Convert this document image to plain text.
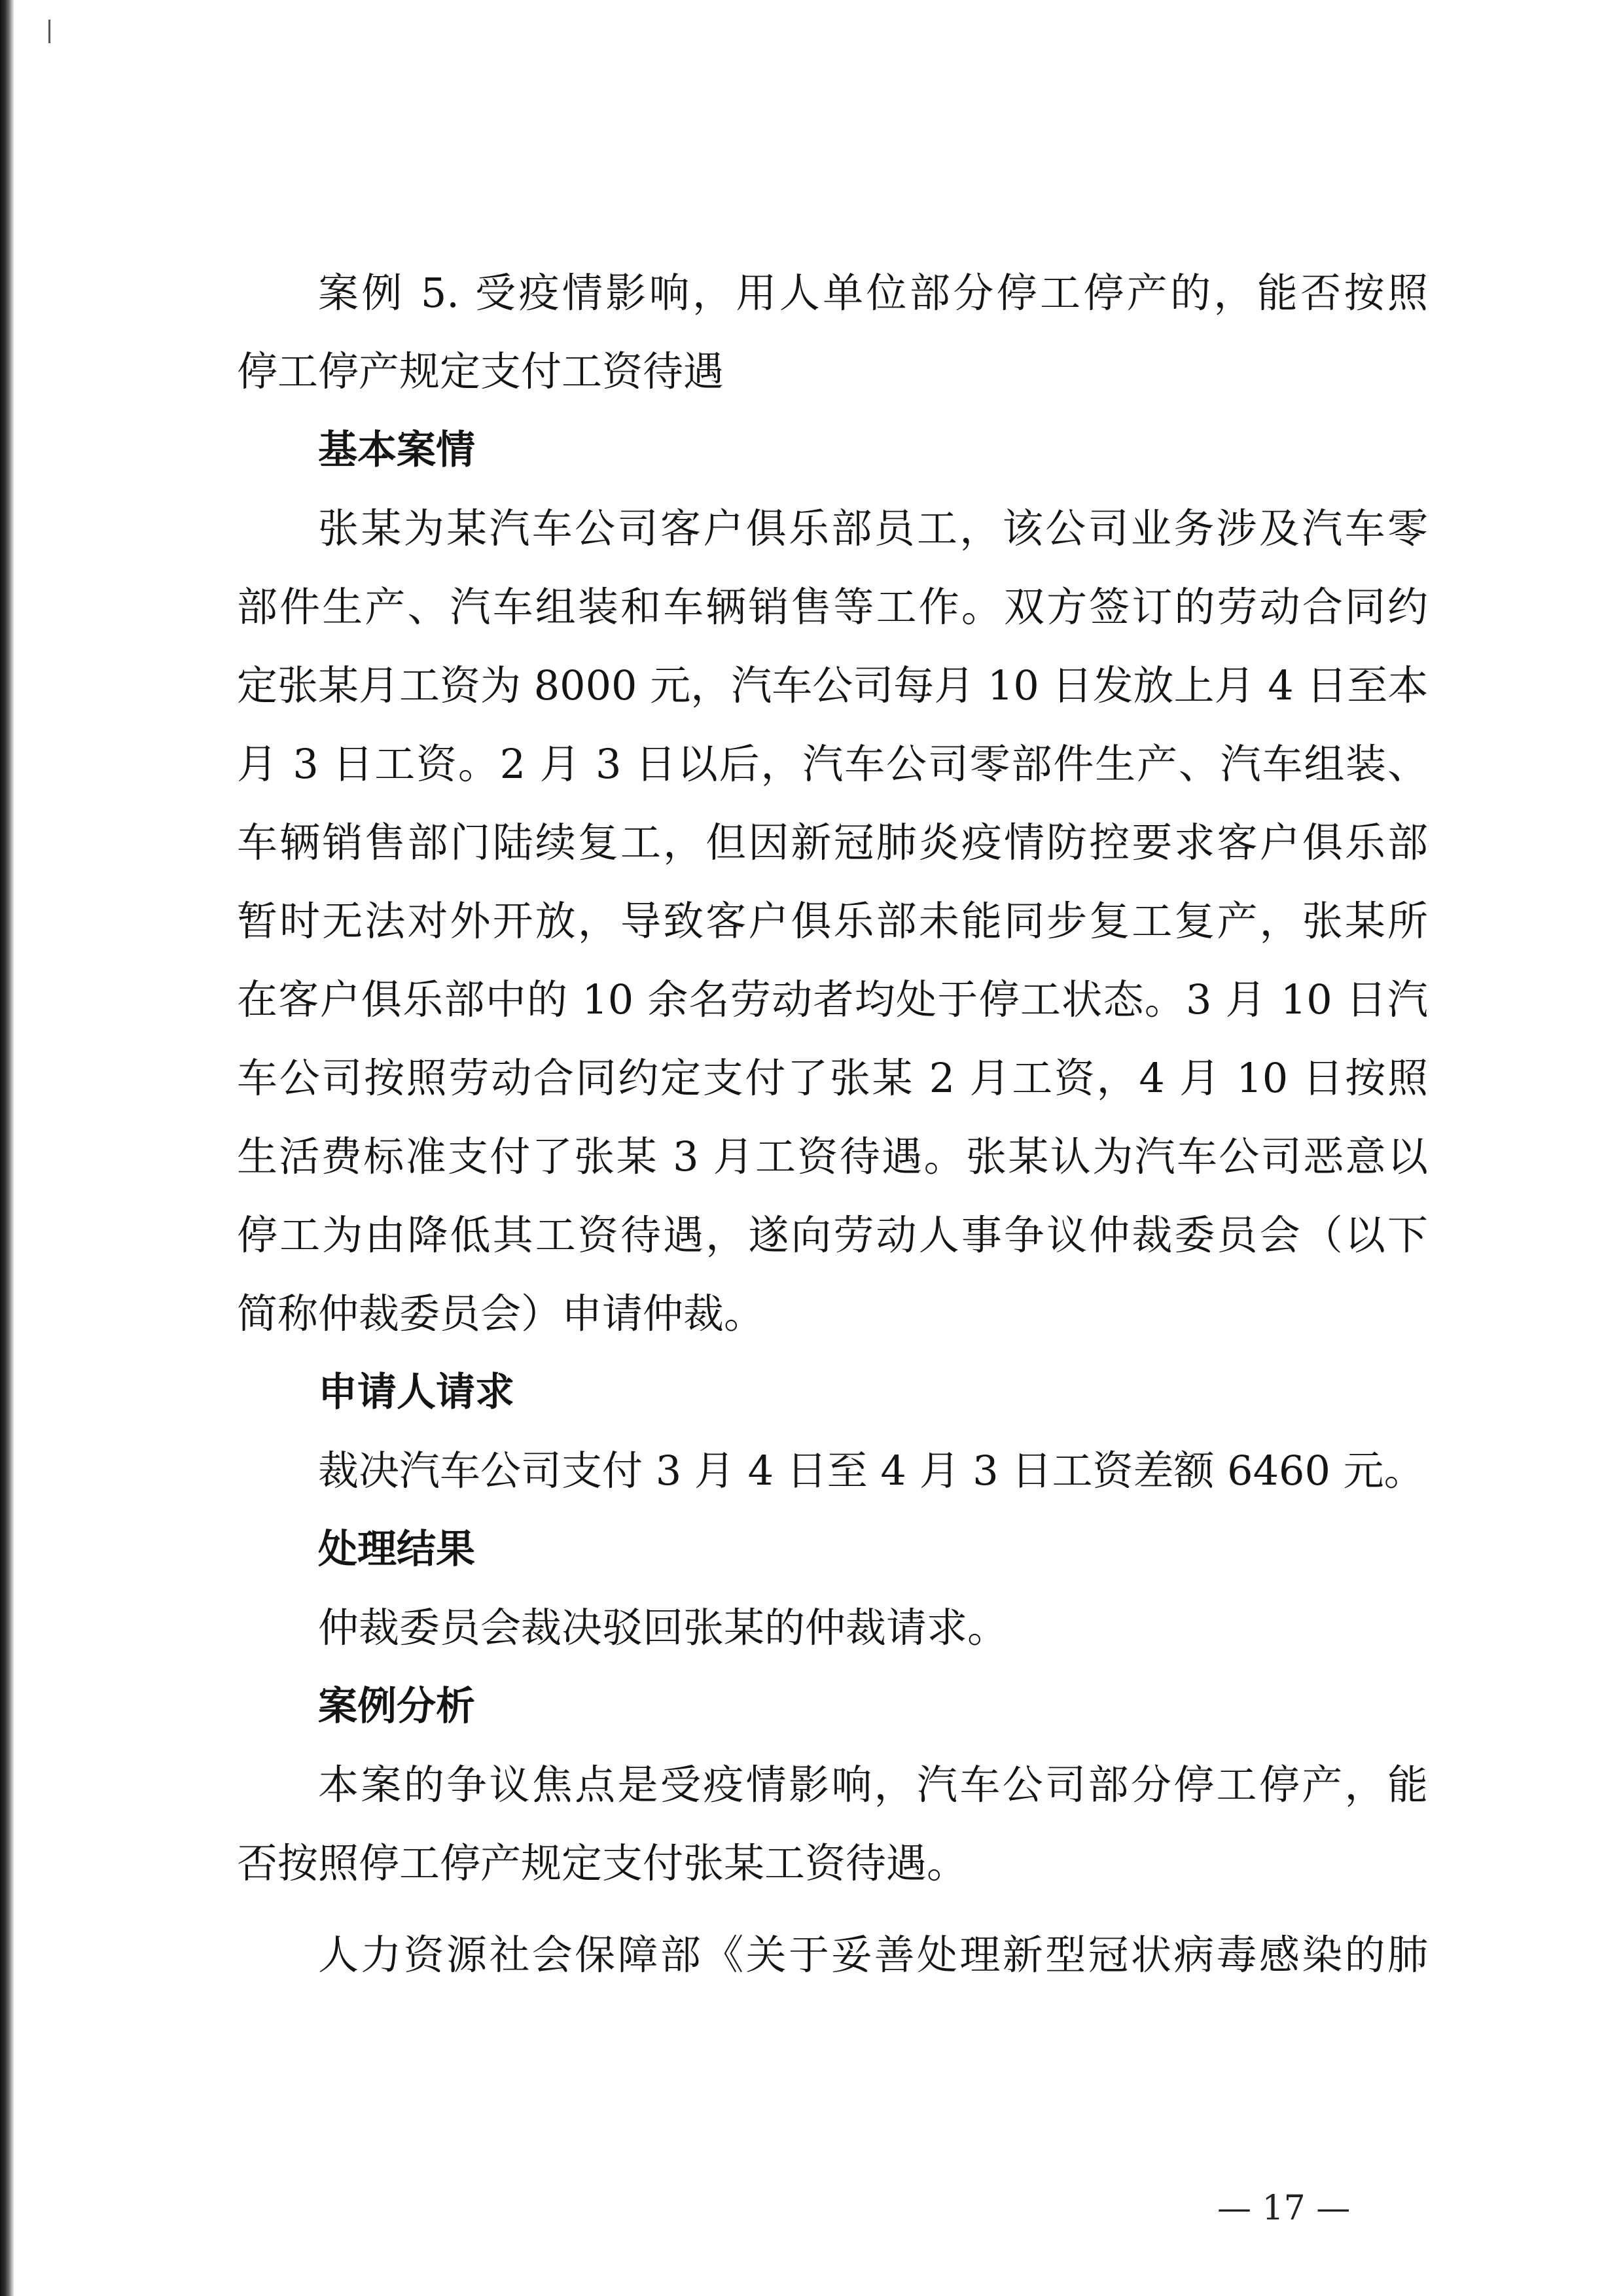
案例 5. 受疫情影响，用人单位部分停工停产的，能否按照

停工停产规定支付工资待遇

基本案情

张某为某汽车公司客户俱乐部员工，该公司业务涉及汽车零

部件生产、汽车组装和车辆销售等工作。双方签订的劳动合同约

定张某月工资为 8000 元，汽车公司每月 10 日发放上月 4 日至本

月 3 日工资。2 月 3 日以后，汽车公司零部件生产、汽车组装、

车辆销售部门陆续复工，但因新冠肺炎疫情防控要求客户俱乐部

暂时无法对外开放，导致客户俱乐部未能同步复工复产，张某所

在客户俱乐部中的 10 余名劳动者均处于停工状态。3 月 10 日汽

车公司按照劳动合同约定支付了张某 2 月工资，4 月 10 日按照

生活费标准支付了张某 3 月工资待遇。张某认为汽车公司恶意以

停工为由降低其工资待遇，遂向劳动人事争议仲裁委员会（以下

简称仲裁委员会）申请仲裁。

申请人请求

裁决汽车公司支付 3 月 4 日至 4 月 3 日工资差额 6460 元。

处理结果

仲裁委员会裁决驳回张某的仲裁请求。

案例分析

本案的争议焦点是受疫情影响，汽车公司部分停工停产，能

否按照停工停产规定支付张某工资待遇。

人力资源社会保障部《关于妥善处理新型冠状病毒感染的肺

— 17 —
